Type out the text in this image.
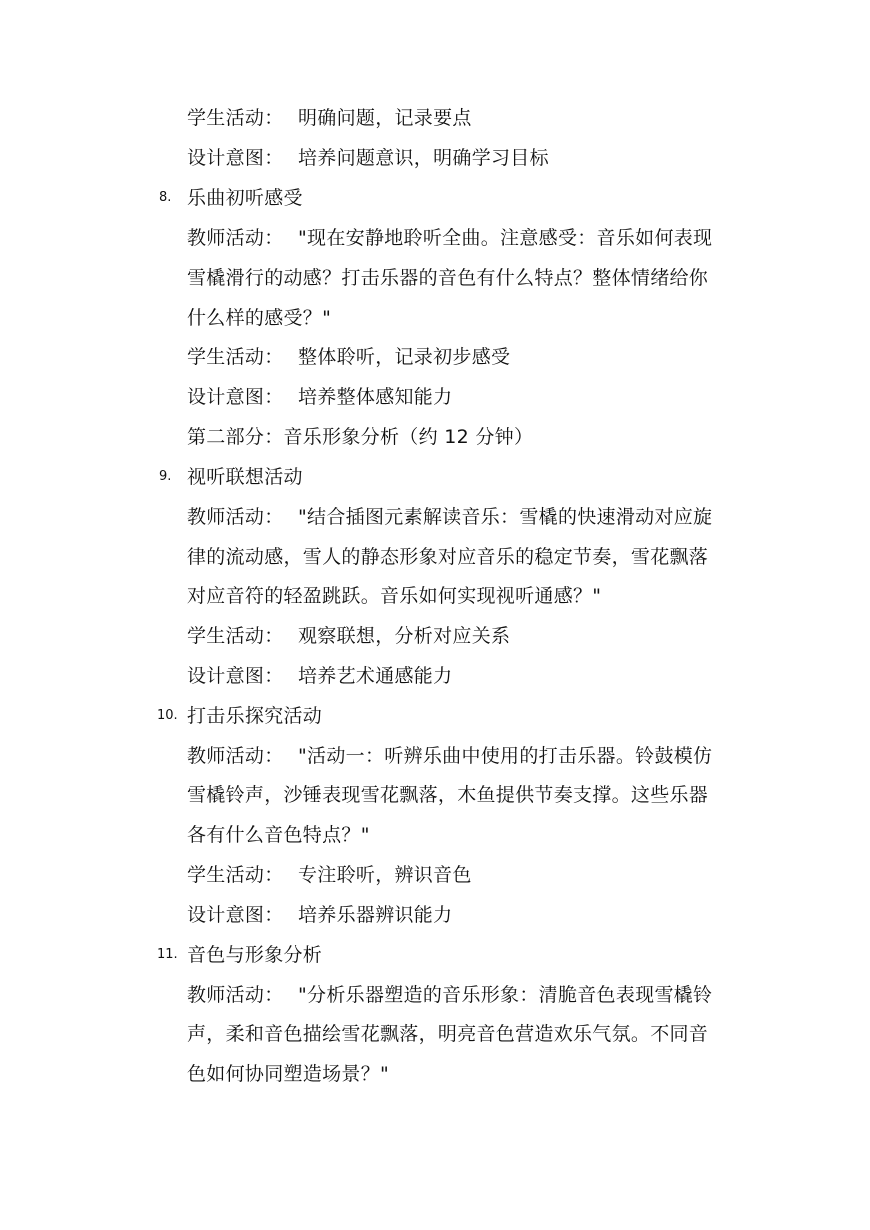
学生活动： 明确问题，记录要点
设计意图： 培养问题意识，明确学习目标
8. 乐曲初听感受
教师活动： "现在安静地聆听全曲。注意感受：音乐如何表现
雪橇滑行的动感？打击乐器的音色有什么特点？整体情绪给你
什么样的感受？"
学生活动： 整体聆听，记录初步感受
设计意图： 培养整体感知能力
第二部分：音乐形象分析（约 12 分钟）
9. 视听联想活动
教师活动： "结合插图元素解读音乐：雪橇的快速滑动对应旋
律的流动感，雪人的静态形象对应音乐的稳定节奏，雪花飘落
对应音符的轻盈跳跃。音乐如何实现视听通感？"
学生活动： 观察联想，分析对应关系
设计意图： 培养艺术通感能力
10. 打击乐探究活动
教师活动： "活动一：听辨乐曲中使用的打击乐器。铃鼓模仿
雪橇铃声，沙锤表现雪花飘落，木鱼提供节奏支撑。这些乐器
各有什么音色特点？"
学生活动： 专注聆听，辨识音色
设计意图： 培养乐器辨识能力
11. 音色与形象分析
教师活动： "分析乐器塑造的音乐形象：清脆音色表现雪橇铃
声，柔和音色描绘雪花飘落，明亮音色营造欢乐气氛。不同音
色如何协同塑造场景？"
